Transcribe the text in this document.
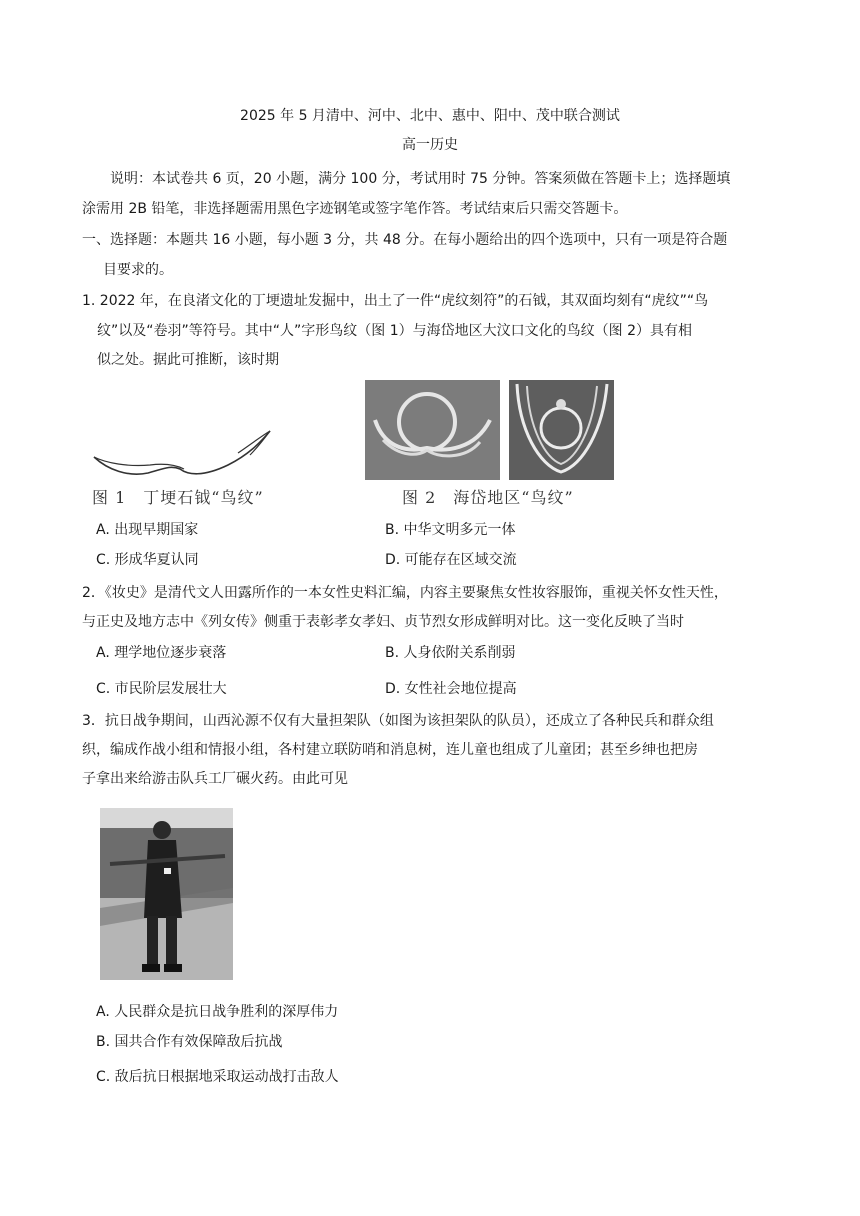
2025 年 5 月清中、河中、北中、惠中、阳中、茂中联合测试
高一历史
说明：本试卷共 6 页，20 小题，满分 100 分，考试用时 75 分钟。答案须做在答题卡上；选择题填
涂需用 2B 铅笔，非选择题需用黑色字迹钢笔或签字笔作答。考试结束后只需交答题卡。
一、选择题：本题共 16 小题，每小题 3 分，共 48 分。在每小题给出的四个选项中，只有一项是符合题
目要求的。
1. 2022 年，在良渚文化的丁埂遗址发掘中，出土了一件“虎纹刻符”的石钺，其双面均刻有“虎纹”“鸟
纹”以及“卷羽”等符号。其中“人”字形鸟纹（图 1）与海岱地区大汶口文化的鸟纹（图 2）具有相
似之处。据此可推断，该时期
图 1　丁埂石钺“鸟纹”	图 2　海岱地区“鸟纹”
A. 出现早期国家	B. 中华文明多元一体
C. 形成华夏认同	D. 可能存在区域交流
2．《妆史》是清代文人田露所作的一本女性史料汇编，内容主要聚焦女性妆容服饰，重视关怀女性天性，
与正史及地方志中《列女传》侧重于表彰孝女孝妇、贞节烈女形成鲜明对比。这一变化反映了当时
A. 理学地位逐步衰落	B. 人身依附关系削弱
C. 市民阶层发展壮大	D. 女性社会地位提高
3．抗日战争期间，山西沁源不仅有大量担架队（如图为该担架队的队员），还成立了各种民兵和群众组
织，编成作战小组和情报小组，各村建立联防哨和消息树，连儿童也组成了儿童团；甚至乡绅也把房
子拿出来给游击队兵工厂碾火药。由此可见
A. 人民群众是抗日战争胜利的深厚伟力
B. 国共合作有效保障敌后抗战
C. 敌后抗日根据地采取运动战打击敌人
